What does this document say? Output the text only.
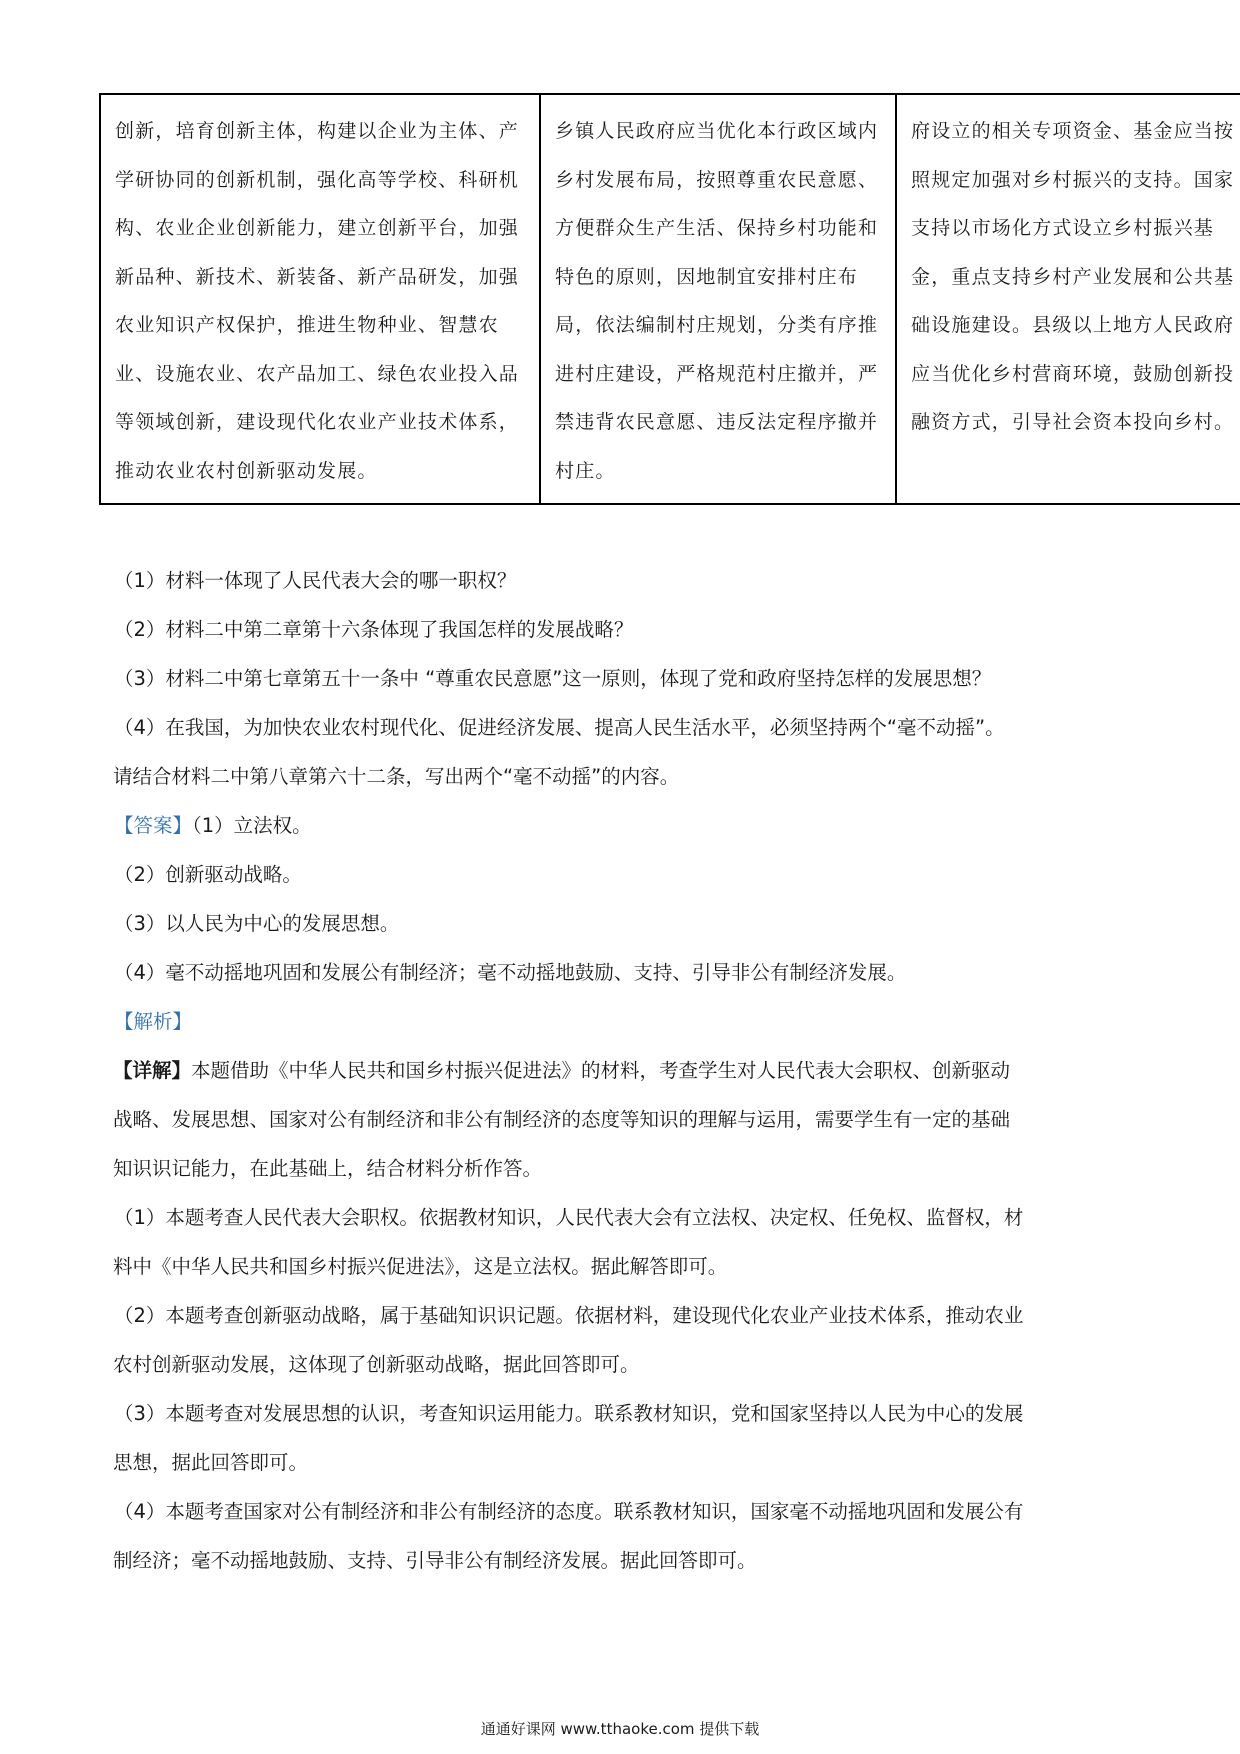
创新，培育创新主体，构建以企业为主体、产学研协同的创新机制，强化高等学校、科研机构、农业企业创新能力，建立创新平台，加强新品种、新技术、新装备、新产品研发，加强农业知识产权保护，推进生物种业、智慧农业、设施农业、农产品加工、绿色农业投入品等领域创新，建设现代化农业产业技术体系，推动农业农村创新驱动发展。	乡镇人民政府应当优化本行政区域内乡村发展布局，按照尊重农民意愿、方便群众生产生活、保持乡村功能和特色的原则，因地制宜安排村庄布局，依法编制村庄规划，分类有序推进村庄建设，严格规范村庄撤并，严禁违背农民意愿、违反法定程序撤并村庄。	府设立的相关专项资金、基金应当按照规定加强对乡村振兴的支持。国家支持以市场化方式设立乡村振兴基金，重点支持乡村产业发展和公共基础设施建设。县级以上地方人民政府应当优化乡村营商环境，鼓励创新投融资方式，引导社会资本投向乡村。

（1）材料一体现了人民代表大会的哪一职权？

（2）材料二中第二章第十六条体现了我国怎样的发展战略？

（3）材料二中第七章第五十一条中 “尊重农民意愿”这一原则，体现了党和政府坚持怎样的发展思想？

（4）在我国，为加快农业农村现代化、促进经济发展、提高人民生活水平，必须坚持两个“毫不动摇”。

请结合材料二中第八章第六十二条，写出两个“毫不动摇”的内容。

【答案】（1）立法权。

（2）创新驱动战略。

（3）以人民为中心的发展思想。

（4）毫不动摇地巩固和发展公有制经济；毫不动摇地鼓励、支持、引导非公有制经济发展。

【解析】

【详解】本题借助《中华人民共和国乡村振兴促进法》的材料，考查学生对人民代表大会职权、创新驱动

战略、发展思想、国家对公有制经济和非公有制经济的态度等知识的理解与运用，需要学生有一定的基础

知识识记能力，在此基础上，结合材料分析作答。

（1）本题考查人民代表大会职权。依据教材知识，人民代表大会有立法权、决定权、任免权、监督权，材

料中《中华人民共和国乡村振兴促进法》，这是立法权。据此解答即可。

（2）本题考查创新驱动战略，属于基础知识识记题。依据材料，建设现代化农业产业技术体系，推动农业

农村创新驱动发展，这体现了创新驱动战略，据此回答即可。

（3）本题考查对发展思想的认识，考查知识运用能力。联系教材知识，党和国家坚持以人民为中心的发展

思想，据此回答即可。

（4）本题考查国家对公有制经济和非公有制经济的态度。联系教材知识，国家毫不动摇地巩固和发展公有

制经济；毫不动摇地鼓励、支持、引导非公有制经济发展。据此回答即可。

通通好课网 www.tthaoke.com 提供下载
